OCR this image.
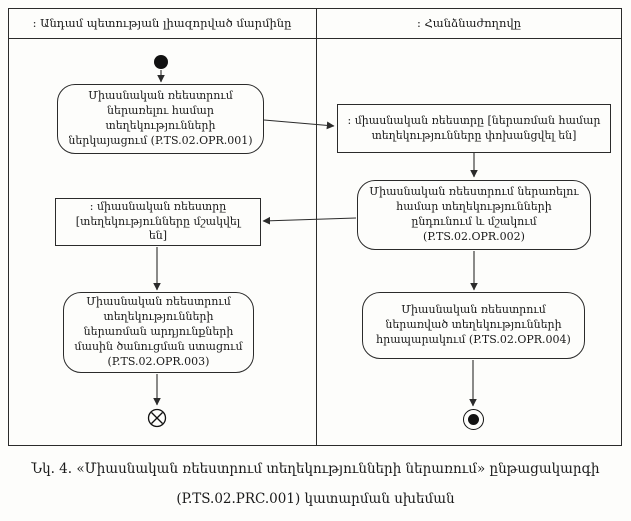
: Անդամ պետության լիազորված մարմինը	: Հանձնաժողովը
Միասնական ռեեստրում ներառելու համար տեղեկությունների ներկայացում (P.TS.02.OPR.001)
: միասնական ռեեստրը [ներառման համար տեղեկությունները փոխանցվել են]
Միասնական ռեեստրում ներառելու համար տեղեկությունների ընդունում և մշակում (P.TS.02.OPR.002)
: միասնական ռեեստրը [տեղեկությունները մշակվել են]
Միասնական ռեեստրում տեղեկությունների ներառման արդյունքների մասին ծանուցման ստացում (P.TS.02.OPR.003)
Միասնական ռեեստրում ներառված տեղեկությունների հրապարակում (P.TS.02.OPR.004)
Նկ. 4. «Միասնական ռեեստրում տեղեկությունների ներառում» ընթացակարգի
(P.TS.02.PRC.001) կատարման սխեման
